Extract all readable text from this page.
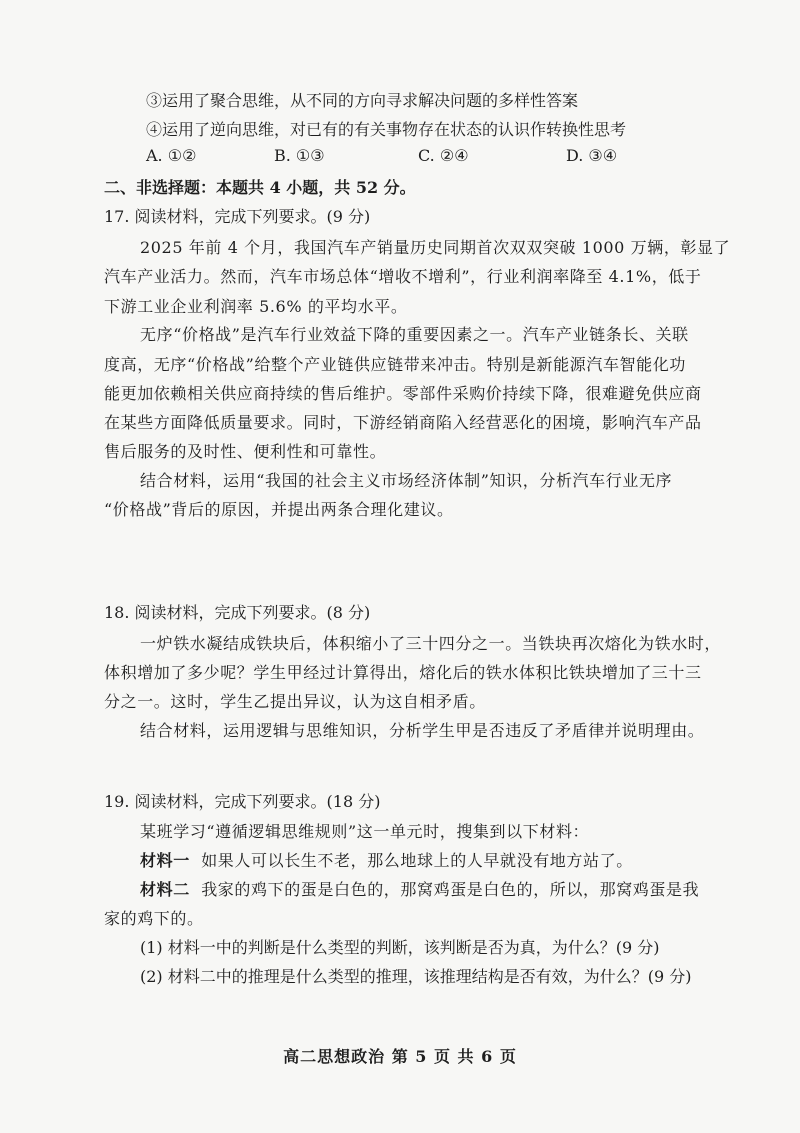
③运用了聚合思维，从不同的方向寻求解决问题的多样性答案
④运用了逆向思维，对已有的有关事物存在状态的认识作转换性思考
A. ①②	B. ①③	C. ②④	D. ③④
二、非选择题：本题共 4 小题，共 52 分。
17. 阅读材料，完成下列要求。(9 分)
2025 年前 4 个月，我国汽车产销量历史同期首次双双突破 1000 万辆，彰显了
汽车产业活力。然而，汽车市场总体“增收不增利”，行业利润率降至 4.1%，低于
下游工业企业利润率 5.6% 的平均水平。
无序“价格战”是汽车行业效益下降的重要因素之一。汽车产业链条长、关联
度高，无序“价格战”给整个产业链供应链带来冲击。特别是新能源汽车智能化功
能更加依赖相关供应商持续的售后维护。零部件采购价持续下降，很难避免供应商
在某些方面降低质量要求。同时，下游经销商陷入经营恶化的困境，影响汽车产品
售后服务的及时性、便利性和可靠性。
结合材料，运用“我国的社会主义市场经济体制”知识，分析汽车行业无序
“价格战”背后的原因，并提出两条合理化建议。
18. 阅读材料，完成下列要求。(8 分)
一炉铁水凝结成铁块后，体积缩小了三十四分之一。当铁块再次熔化为铁水时，
体积增加了多少呢？学生甲经过计算得出，熔化后的铁水体积比铁块增加了三十三
分之一。这时，学生乙提出异议，认为这自相矛盾。
结合材料，运用逻辑与思维知识，分析学生甲是否违反了矛盾律并说明理由。
19. 阅读材料，完成下列要求。(18 分)
某班学习“遵循逻辑思维规则”这一单元时，搜集到以下材料：
材料一 如果人可以长生不老，那么地球上的人早就没有地方站了。
材料二 我家的鸡下的蛋是白色的，那窝鸡蛋是白色的，所以，那窝鸡蛋是我
家的鸡下的。
(1) 材料一中的判断是什么类型的判断，该判断是否为真，为什么？(9 分)
(2) 材料二中的推理是什么类型的推理，该推理结构是否有效，为什么？(9 分)
高二思想政治 第 5 页 共 6 页
